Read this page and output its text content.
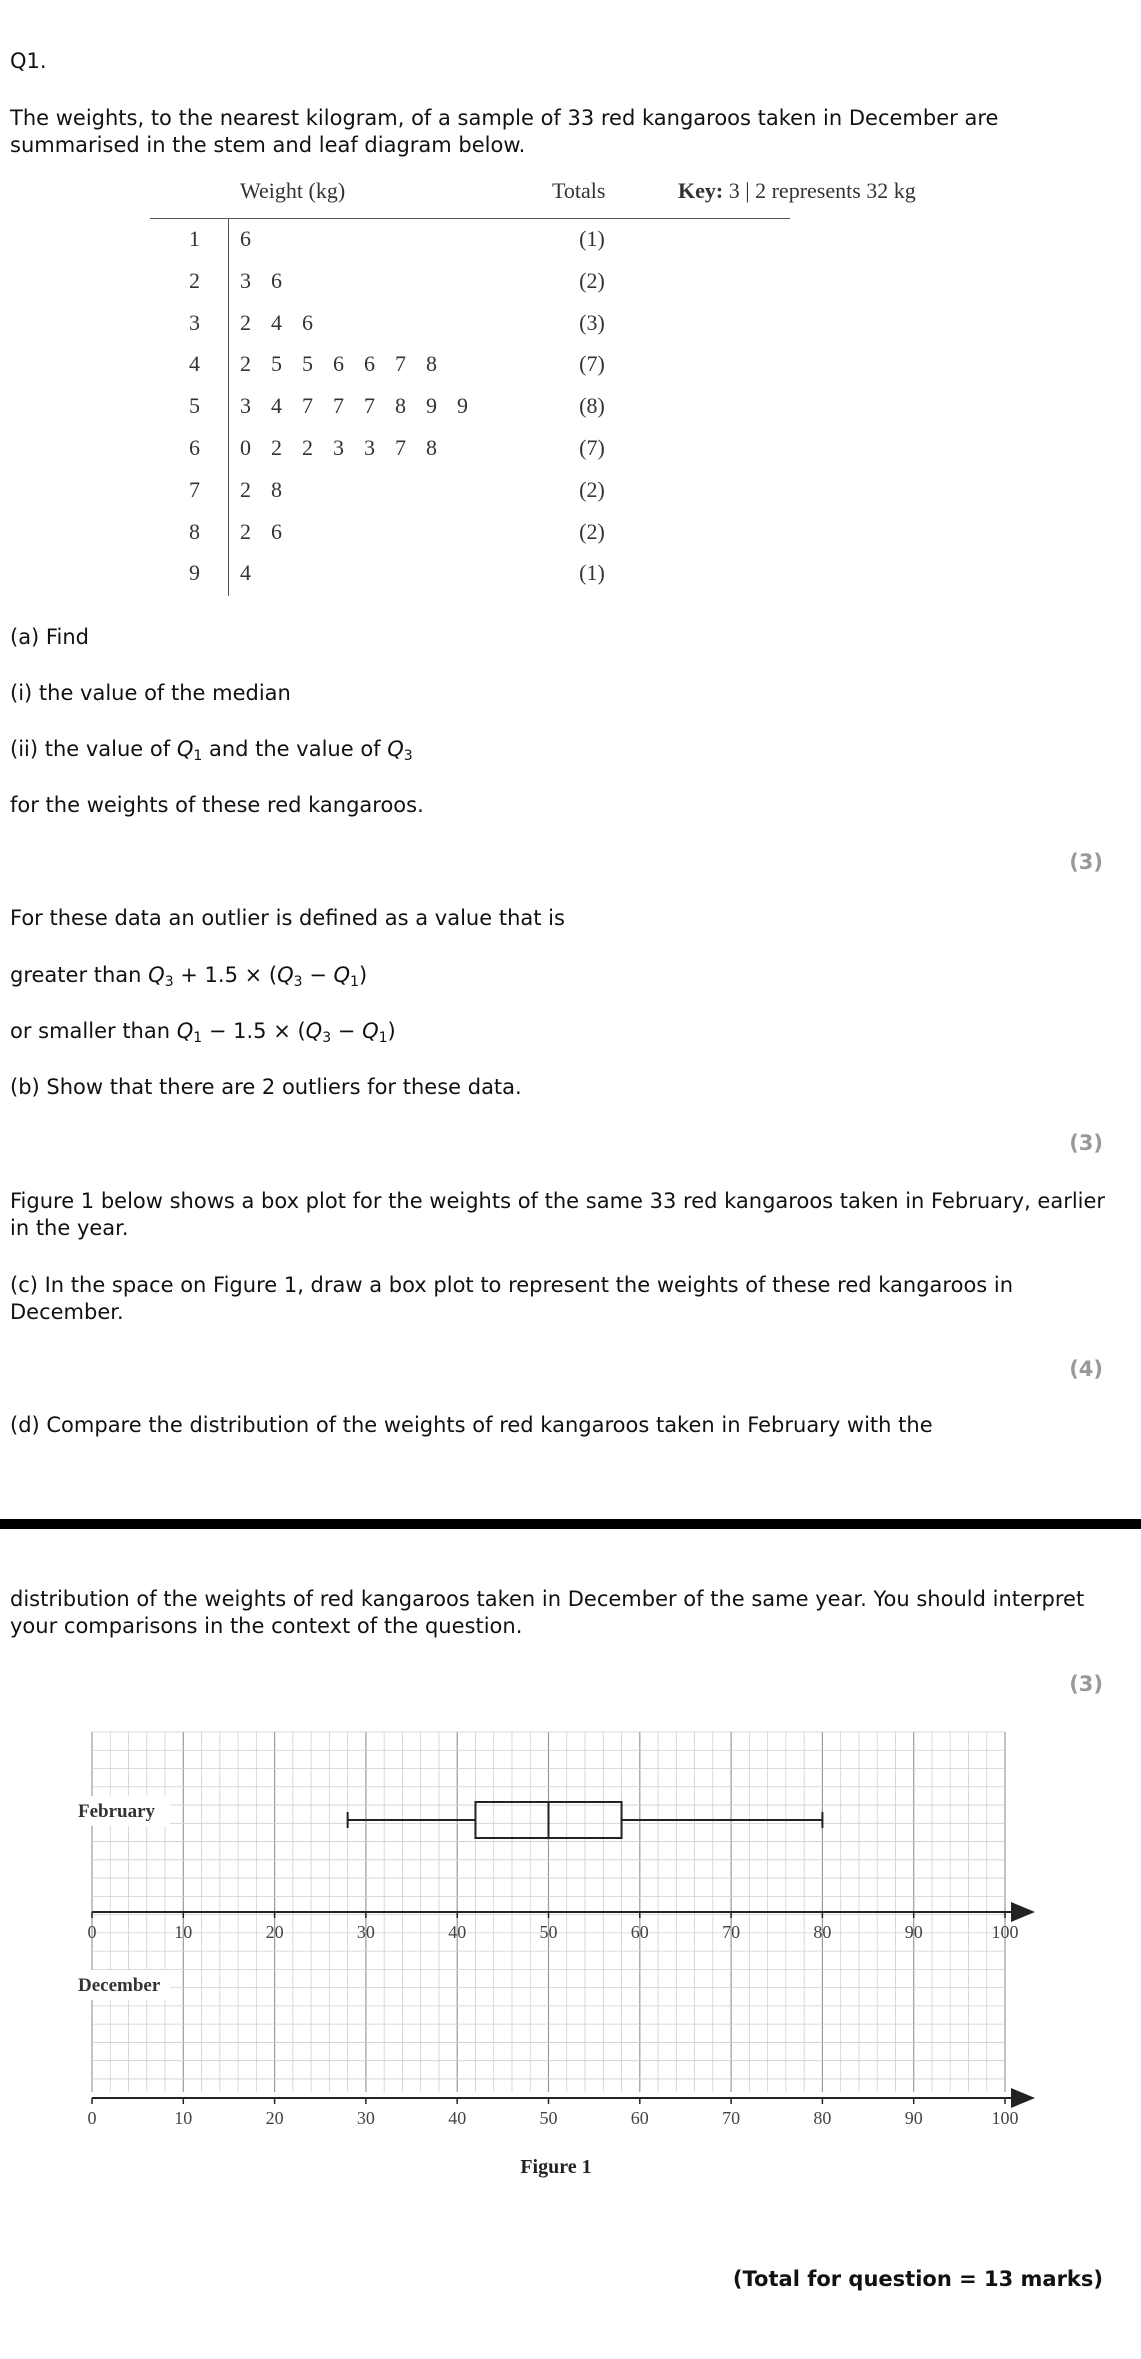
Q1.

The weights, to the nearest kilogram, of a sample of 33 red kangaroos taken in December are summarised in the stem and leaf diagram below.

Weight (kg)	Totals	Key: 3 | 2 represents 32 kg
1 6	(1)
2 3  6	(2)
3 2  4  6	(3)
4 2  5  5  6  6  7  8	(7)
5 3  4  7  7  7  8  9  9	(8)
6 0  2  2  3  3  7  8	(7)
7 2  8	(2)
8 2  6	(2)
9 4	(1)

(a) Find

(i) the value of the median

(ii) the value of $Q_1$ and the value of $Q_3$

for the weights of these red kangaroos.

(3)

For these data an outlier is defined as a value that is

greater than $Q_3 + 1.5 \times (Q_3 - Q_1)$

or smaller than $Q_1 - 1.5 \times (Q_3 - Q_1)$

(b) Show that there are 2 outliers for these data.

(3)

Figure 1 below shows a box plot for the weights of the same 33 red kangaroos taken in February, earlier in the year.

(c) In the space on Figure 1, draw a box plot to represent the weights of these red kangaroos in December.

(4)

(d) Compare the distribution of the weights of red kangaroos taken in February with the

distribution of the weights of red kangaroos taken in December of the same year. You should interpret your comparisons in the context of the question.

(3)
0	10	20	30	40	50	60	70	80	90	100
0	10	20	30	40	50	60	70	80	90	100
February
December
Figure 1

(Total for question = 13 marks)
